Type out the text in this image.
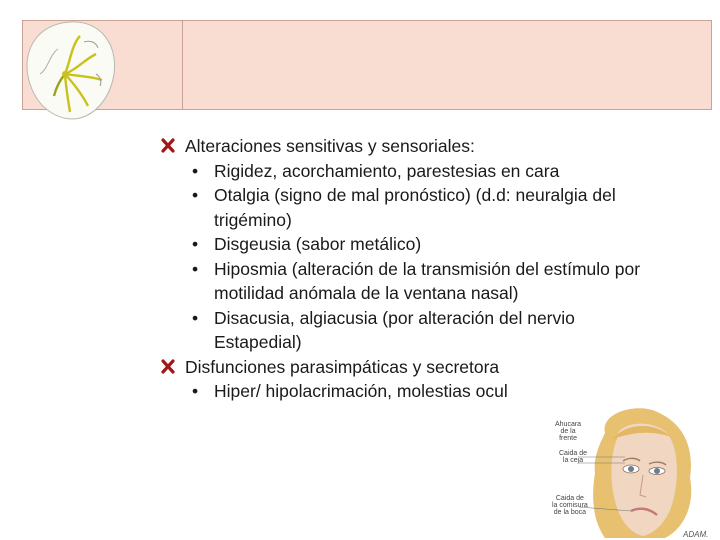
Alteraciones sensitivas y sensoriales:
• Rigidez, acorchamiento, parestesias en cara
• Otalgia (signo de mal pronóstico) (d.d: neuralgia del
trigémino)
• Disgeusia (sabor metálico)
• Hiposmia (alteración de la transmisión del estímulo por
motilidad anómala de la ventana nasal)
• Disacusia, algiacusia (por alteración del nervio
Estapedial)
Disfunciones parasimpáticas y secretora
• Hiper/ hipolacrimación, molestias ocul
Ahucara
de la
frente
Caida de
la ceja
Caida de
la comisura
de la boca
ADAM.
